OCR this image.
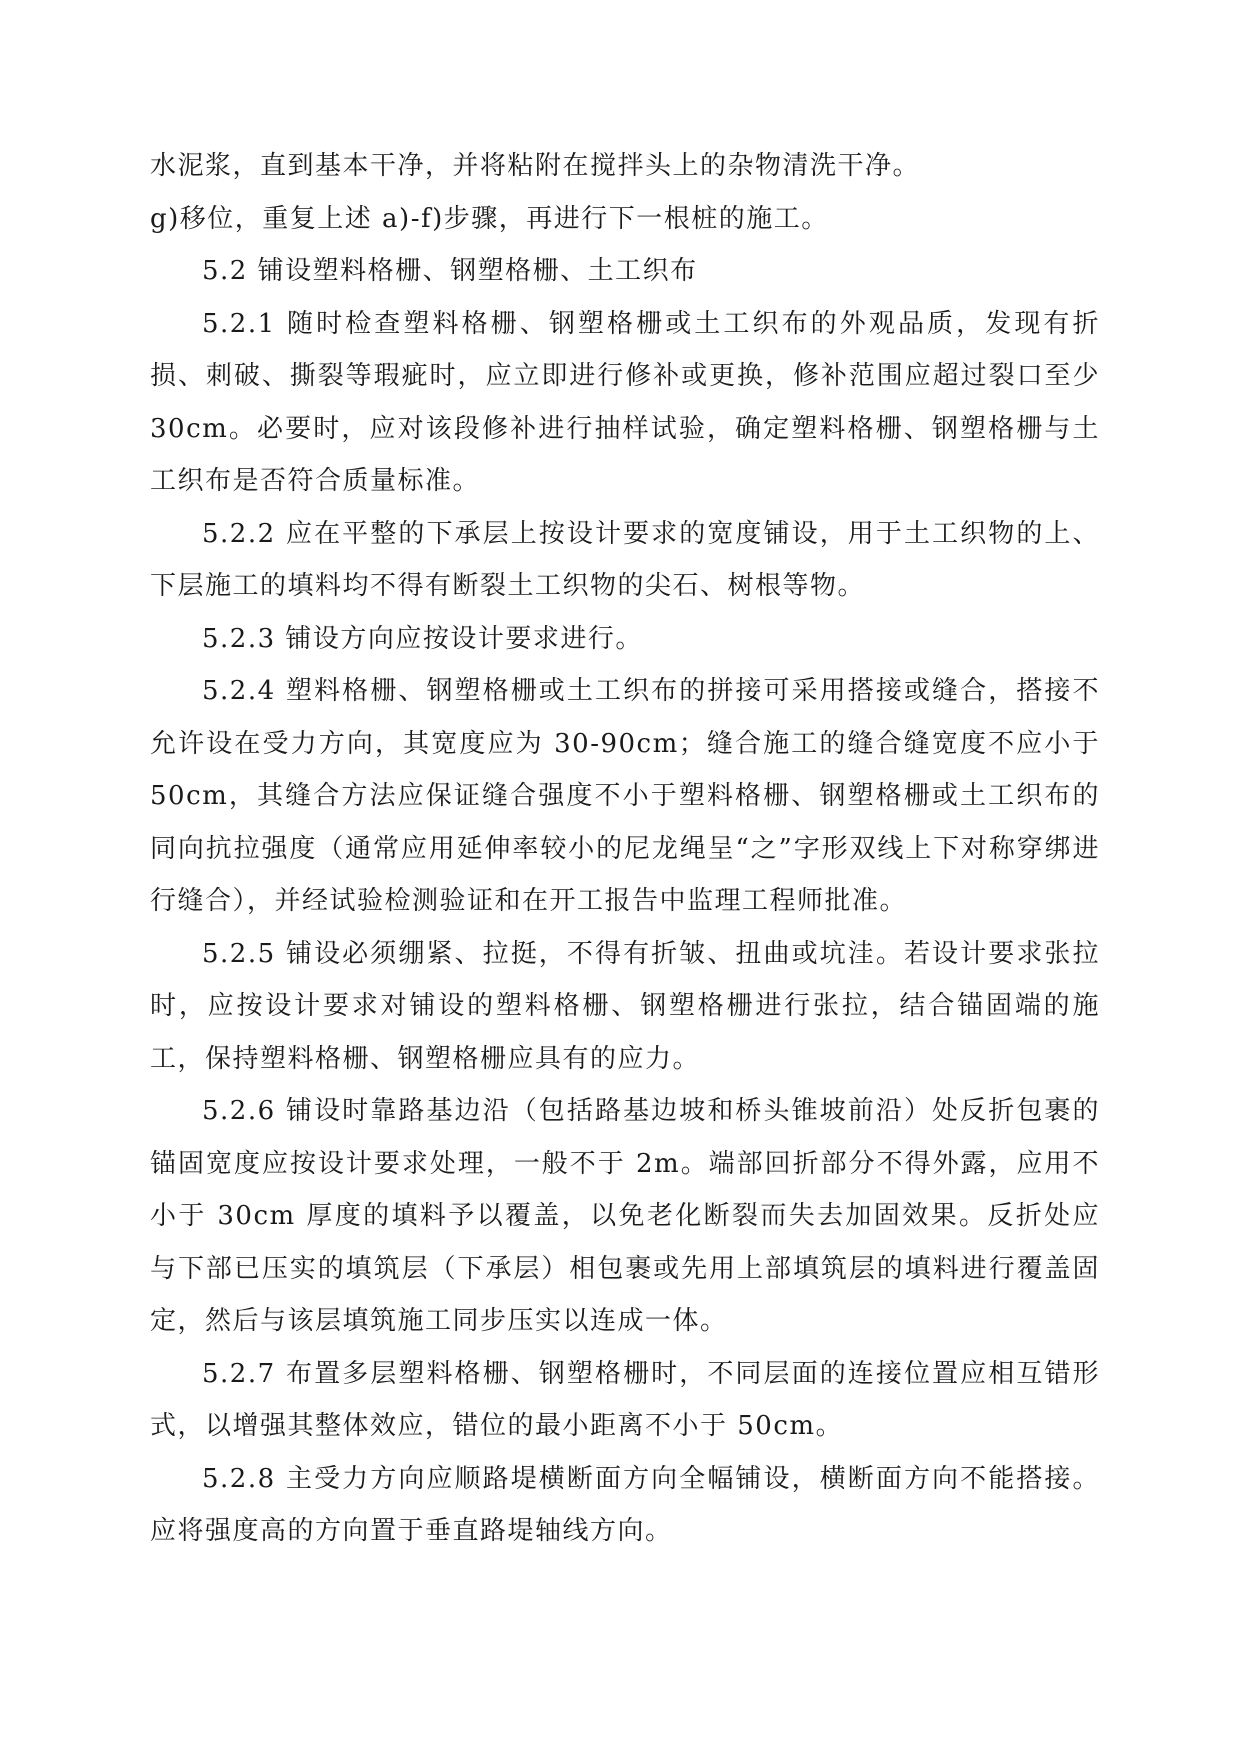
水泥浆，直到基本干净，并将粘附在搅拌头上的杂物清洗干净。

g)移位，重复上述 a)-f)步骤，再进行下一根桩的施工。

5.2 铺设塑料格栅、钢塑格栅、土工织布

5.2.1 随时检查塑料格栅、钢塑格栅或土工织布的外观品质，发现有折损、刺破、撕裂等瑕疵时，应立即进行修补或更换，修补范围应超过裂口至少 30cm。必要时，应对该段修补进行抽样试验，确定塑料格栅、钢塑格栅与土工织布是否符合质量标准。

5.2.2 应在平整的下承层上按设计要求的宽度铺设，用于土工织物的上、下层施工的填料均不得有断裂土工织物的尖石、树根等物。

5.2.3 铺设方向应按设计要求进行。

5.2.4 塑料格栅、钢塑格栅或土工织布的拼接可采用搭接或缝合，搭接不允许设在受力方向，其宽度应为 30-90cm；缝合施工的缝合缝宽度不应小于 50cm，其缝合方法应保证缝合强度不小于塑料格栅、钢塑格栅或土工织布的同向抗拉强度（通常应用延伸率较小的尼龙绳呈“之”字形双线上下对称穿绑进行缝合），并经试验检测验证和在开工报告中监理工程师批准。

5.2.5 铺设必须绷紧、拉挺，不得有折皱、扭曲或坑洼。若设计要求张拉时，应按设计要求对铺设的塑料格栅、钢塑格栅进行张拉，结合锚固端的施工，保持塑料格栅、钢塑格栅应具有的应力。

5.2.6 铺设时靠路基边沿（包括路基边坡和桥头锥坡前沿）处反折包裹的锚固宽度应按设计要求处理，一般不于 2m。端部回折部分不得外露，应用不小于 30cm 厚度的填料予以覆盖，以免老化断裂而失去加固效果。反折处应与下部已压实的填筑层（下承层）相包裹或先用上部填筑层的填料进行覆盖固定，然后与该层填筑施工同步压实以连成一体。

5.2.7 布置多层塑料格栅、钢塑格栅时，不同层面的连接位置应相互错形式，以增强其整体效应，错位的最小距离不小于 50cm。

5.2.8 主受力方向应顺路堤横断面方向全幅铺设，横断面方向不能搭接。应将强度高的方向置于垂直路堤轴线方向。
